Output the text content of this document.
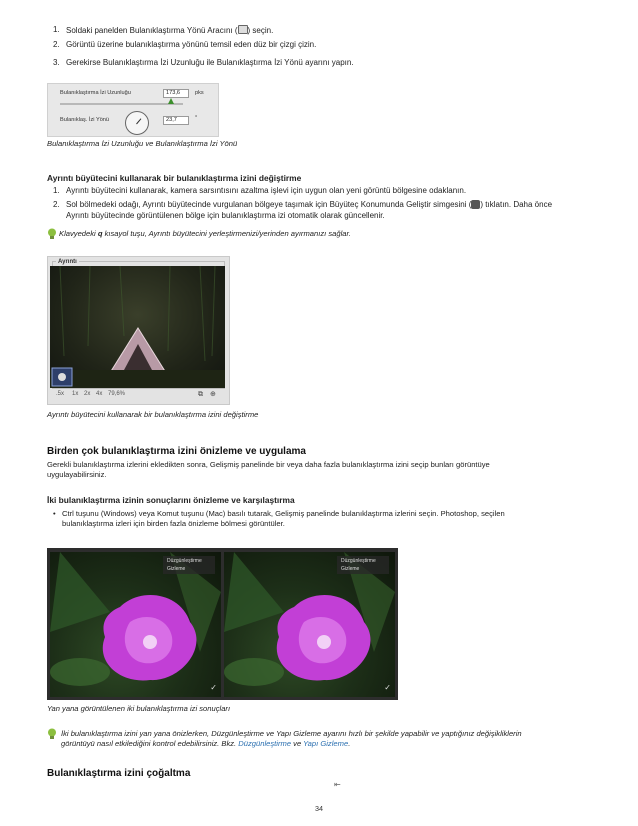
1. Soldaki panelden Bulanıklaştırma Yönü Aracını ( ) seçin.
2. Görüntü üzerine bulanıklaştırma yönünü temsil eden düz bir çizgi çizin.
3. Gerekirse Bulanıklaştırma İzi Uzunluğu ile Bulanıklaştırma İzi Yönü ayarını yapın.
Bulanıklaştırma İzi Uzunluğu	173,6	pks
Bulanıklaş. İzi Yönü	23,7	°
Bulanıklaştırma İzi Uzunluğu ve Bulanıklaştırma İzi Yönü
Ayrıntı büyütecini kullanarak bir bulanıklaştırma izini değiştirme
1. Ayrıntı büyütecini kullanarak, kamera sarsıntısını azaltma işlevi için uygun olan yeni görüntü bölgesine odaklanın.
2. Sol bölmedeki odağı, Ayrıntı büyütecinde vurgulanan bölgeye taşımak için Büyüteç Konumunda Geliştir simgesini ( ) tıklatın. Daha önce
Ayrıntı büyütecinde görüntülenen bölge için bulanıklaştırma izi otomatik olarak güncellenir.
Klavyedeki q kısayol tuşu, Ayrıntı büyütecini yerleştirmenizi/yerinden ayırmanızı sağlar.
Ayrıntı
.5x 1x 2x 4x 79,6%	⧉ ⊕
Ayrıntı büyütecini kullanarak bir bulanıklaştırma izini değiştirme
Birden çok bulanıklaştırma izini önizleme ve uygulama
Gerekli bulanıklaştırma izlerini ekledikten sonra, Gelişmiş panelinde bir veya daha fazla bulanıklaştırma izini seçip bunları görüntüye
uygulayabilirsiniz.
İki bulanıklaştırma izinin sonuçlarını önizleme ve karşılaştırma
• Ctrl tuşunu (Windows) veya Komut tuşunu (Mac) basılı tutarak, Gelişmiş panelinde bulanıklaştırma izlerini seçin. Photoshop, seçilen
bulanıklaştırma izleri için birden fazla önizleme bölmesi görüntüler.
Düzgünleştirme
Gizleme
✓
Düzgünleştirme
Gizleme
✓
Yan yana görüntülenen iki bulanıklaştırma izi sonuçları
İki bulanıklaştırma izini yan yana önizlerken, Düzgünleştirme ve Yapı Gizleme ayarını hızlı bir şekilde yapabilir ve yaptığınız değişikliklerin
görüntüyü nasıl etkilediğini kontrol edebilirsiniz. Bkz. Düzgünleştirme ve Yapı Gizleme.
Bulanıklaştırma izini çoğaltma
⇤
34
